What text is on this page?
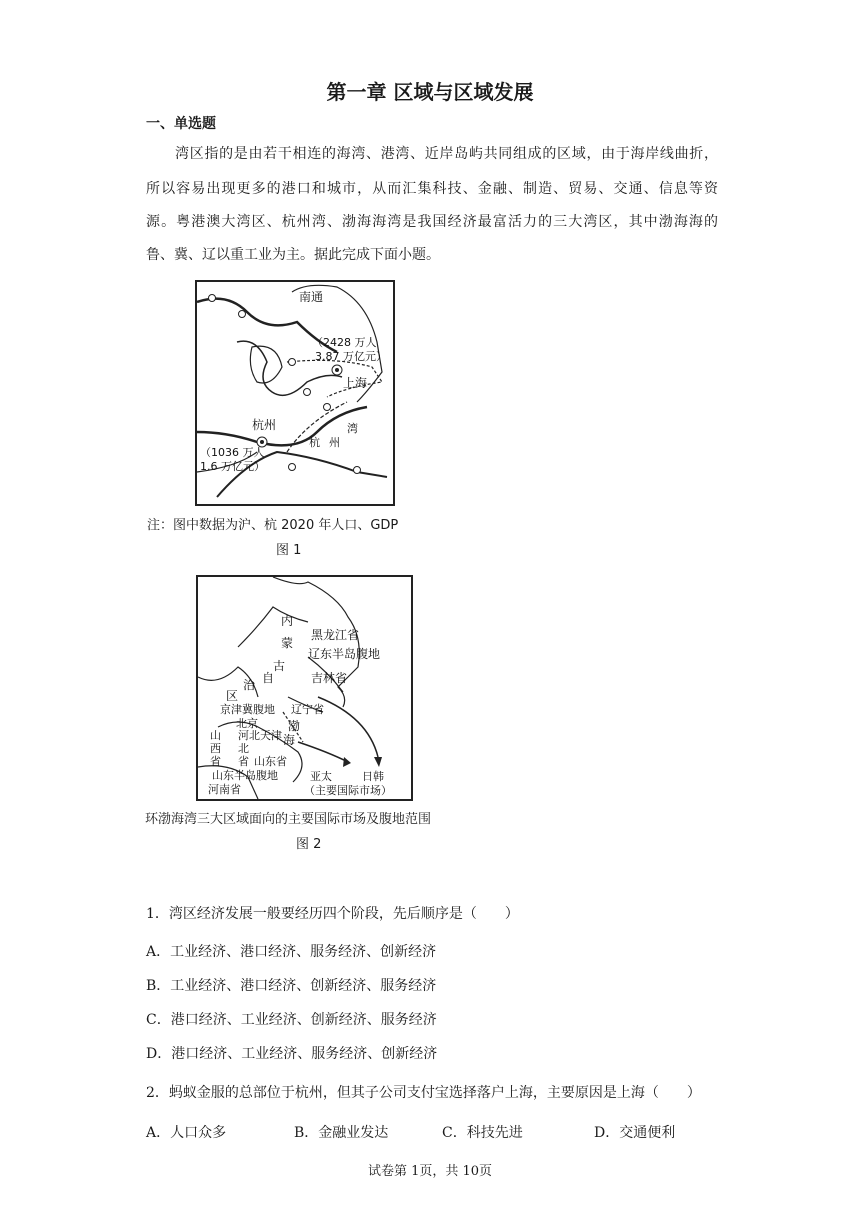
第一章 区域与区域发展
一、单选题
湾区指的是由若干相连的海湾、港湾、近岸岛屿共同组成的区域，由于海岸线曲折，
所以容易出现更多的港口和城市，从而汇集科技、金融、制造、贸易、交通、信息等资
源。粤港澳大湾区、杭州湾、渤海海湾是我国经济最富活力的三大湾区，其中渤海海的
鲁、冀、辽以重工业为主。据此完成下面小题。
南通
（2428 万人
3.87 万亿元）
上海
杭州
（1036 万人
1.6 万亿元）
湾
州
杭
注：图中数据为沪、杭 2020 年人口、GDP
图 1
内
蒙
古
自
治
区
黑龙江省
辽东半岛腹地
吉林省
京津冀腹地 辽宁省
北京
河北天津
渤
海
山
西
省
北
省 山东省
山东半岛腹地
河南省
亚太	日韩
（主要国际市场）
环渤海湾三大区域面向的主要国际市场及腹地范围
图 2
1．湾区经济发展一般要经历四个阶段，先后顺序是（　　）
A．工业经济、港口经济、服务经济、创新经济
B．工业经济、港口经济、创新经济、服务经济
C．港口经济、工业经济、创新经济、服务经济
D．港口经济、工业经济、服务经济、创新经济
2．蚂蚁金服的总部位于杭州，但其子公司支付宝选择落户上海，主要原因是上海（　　）
A．人口众多	B．金融业发达	C．科技先进	D．交通便利
试卷第 1页，共 10页
